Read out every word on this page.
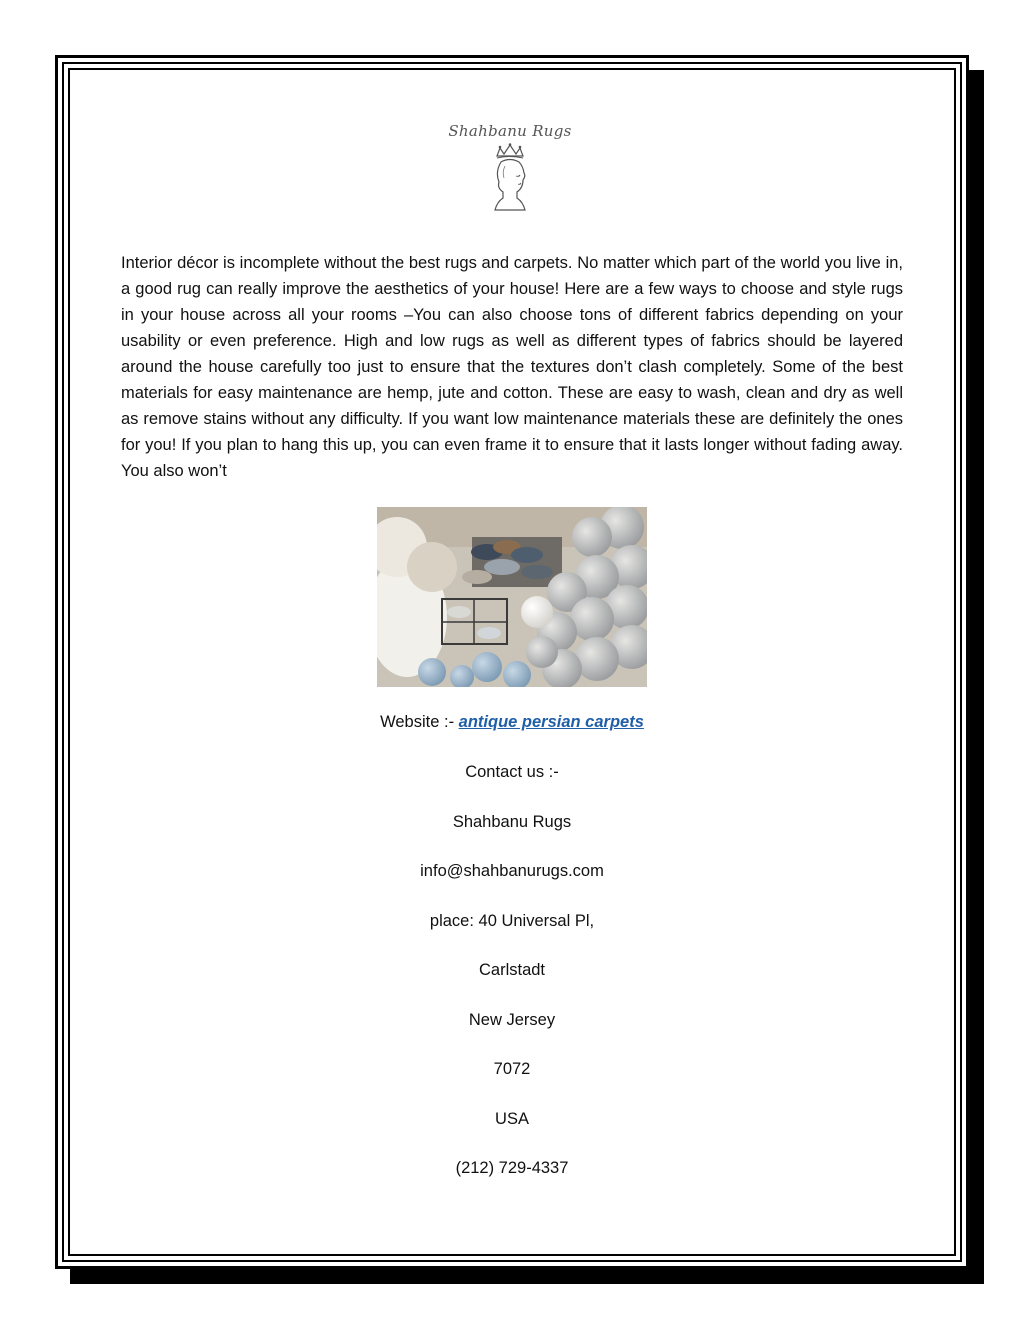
Shahbanu Rugs

Interior décor is incomplete without the best rugs and carpets. No matter which part of the world you live in, a good rug can really improve the aesthetics of your house! Here are a few ways to choose and style rugs in your house across all your rooms –You can also choose tons of different fabrics depending on your usability or even preference. High and low rugs as well as different types of fabrics should be layered around the house carefully too just to ensure that the textures don’t clash completely. Some of the best materials for easy maintenance are hemp, jute and cotton. These are easy to wash, clean and dry as well as remove stains without any difficulty. If you want low maintenance materials these are definitely the ones for you! If you plan to hang this up, you can even frame it to ensure that it lasts longer without fading away. You also won’t

Website :- antique persian carpets

Contact us :-

Shahbanu Rugs

info@shahbanurugs.com

place: 40 Universal Pl,

Carlstadt

New Jersey

7072

USA

(212) 729-4337
